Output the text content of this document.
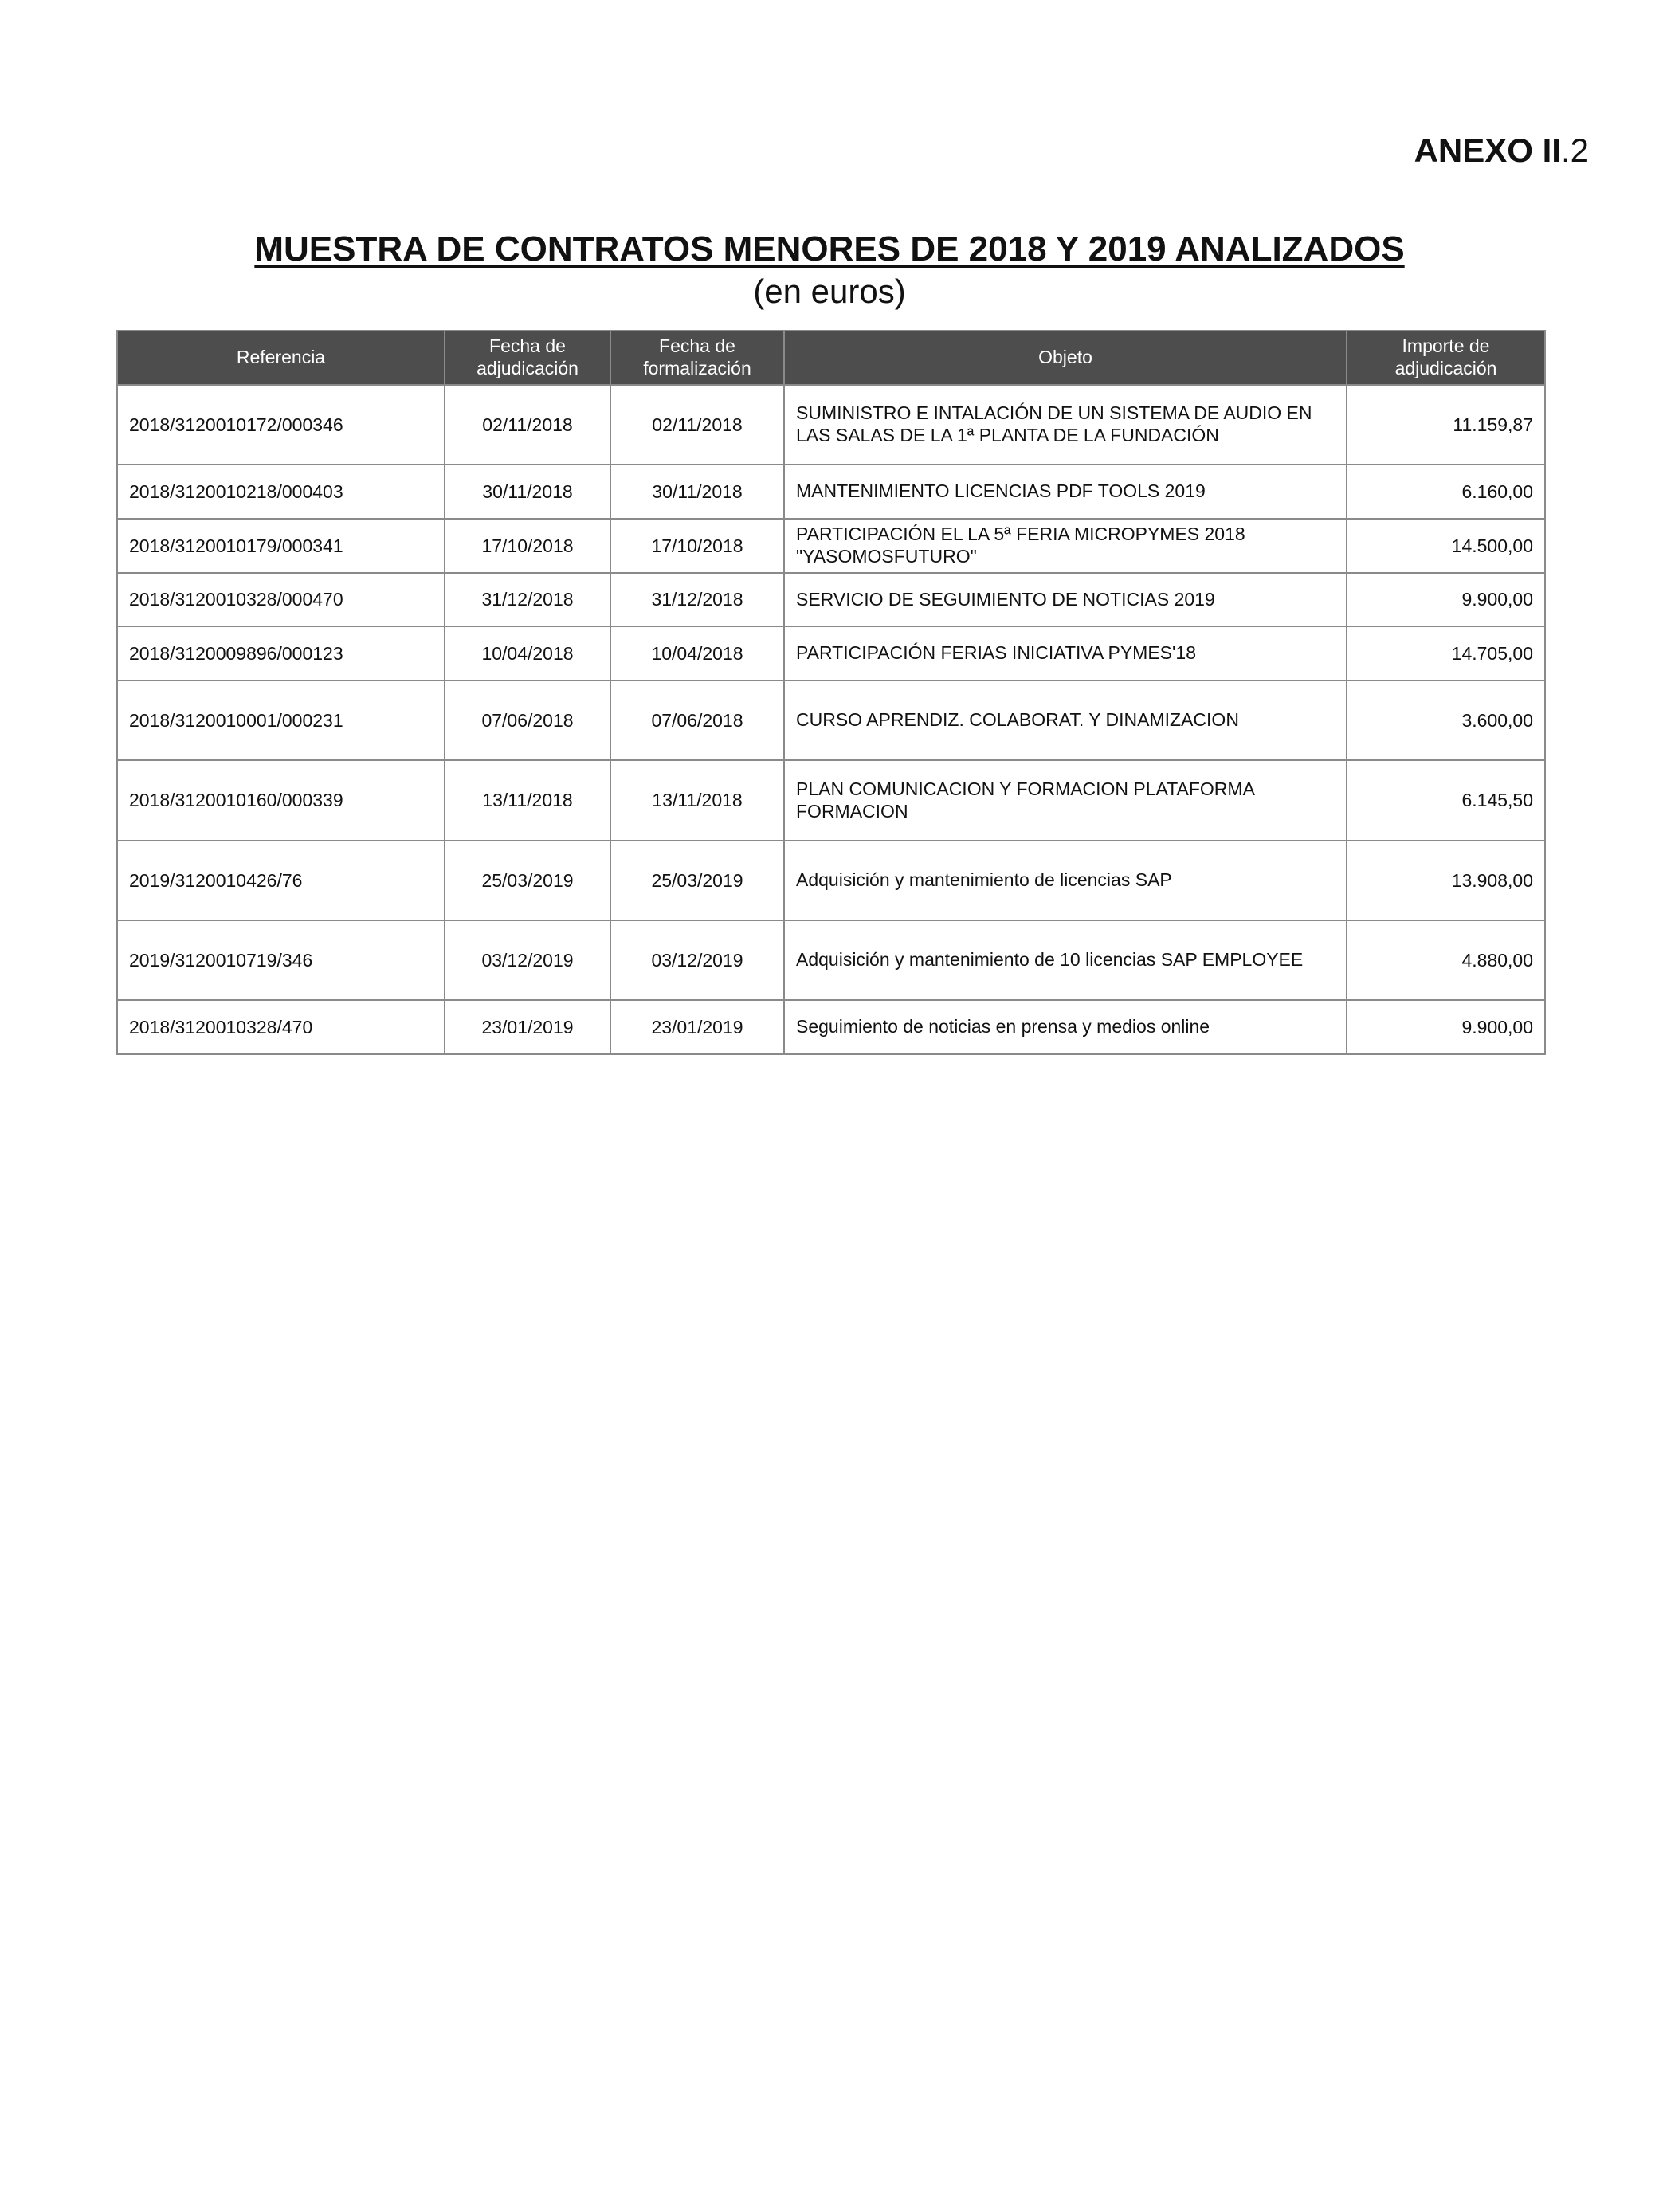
ANEXO II.2
MUESTRA DE CONTRATOS MENORES DE 2018 Y 2019 ANALIZADOS
(en euros)
Referencia	Fecha de adjudicación	Fecha de formalización	Objeto	Importe de adjudicación
2018/3120010172/000346	02/11/2018	02/11/2018	SUMINISTRO E INTALACIÓN DE UN SISTEMA DE AUDIO EN LAS SALAS DE LA 1ª PLANTA DE LA FUNDACIÓN	11.159,87
2018/3120010218/000403	30/11/2018	30/11/2018	MANTENIMIENTO LICENCIAS PDF TOOLS 2019	6.160,00
2018/3120010179/000341	17/10/2018	17/10/2018	PARTICIPACIÓN EL LA 5ª FERIA MICROPYMES 2018 "YASOMOSFUTURO"	14.500,00
2018/3120010328/000470	31/12/2018	31/12/2018	SERVICIO DE SEGUIMIENTO DE NOTICIAS 2019	9.900,00
2018/3120009896/000123	10/04/2018	10/04/2018	PARTICIPACIÓN FERIAS INICIATIVA PYMES'18	14.705,00
2018/3120010001/000231	07/06/2018	07/06/2018	CURSO APRENDIZ. COLABORAT. Y DINAMIZACION	3.600,00
2018/3120010160/000339	13/11/2018	13/11/2018	PLAN COMUNICACION Y FORMACION PLATAFORMA FORMACION	6.145,50
2019/3120010426/76	25/03/2019	25/03/2019	Adquisición y mantenimiento de licencias SAP	13.908,00
2019/3120010719/346	03/12/2019	03/12/2019	Adquisición y mantenimiento de 10 licencias SAP EMPLOYEE	4.880,00
2018/3120010328/470	23/01/2019	23/01/2019	Seguimiento de noticias en prensa y medios online	9.900,00
